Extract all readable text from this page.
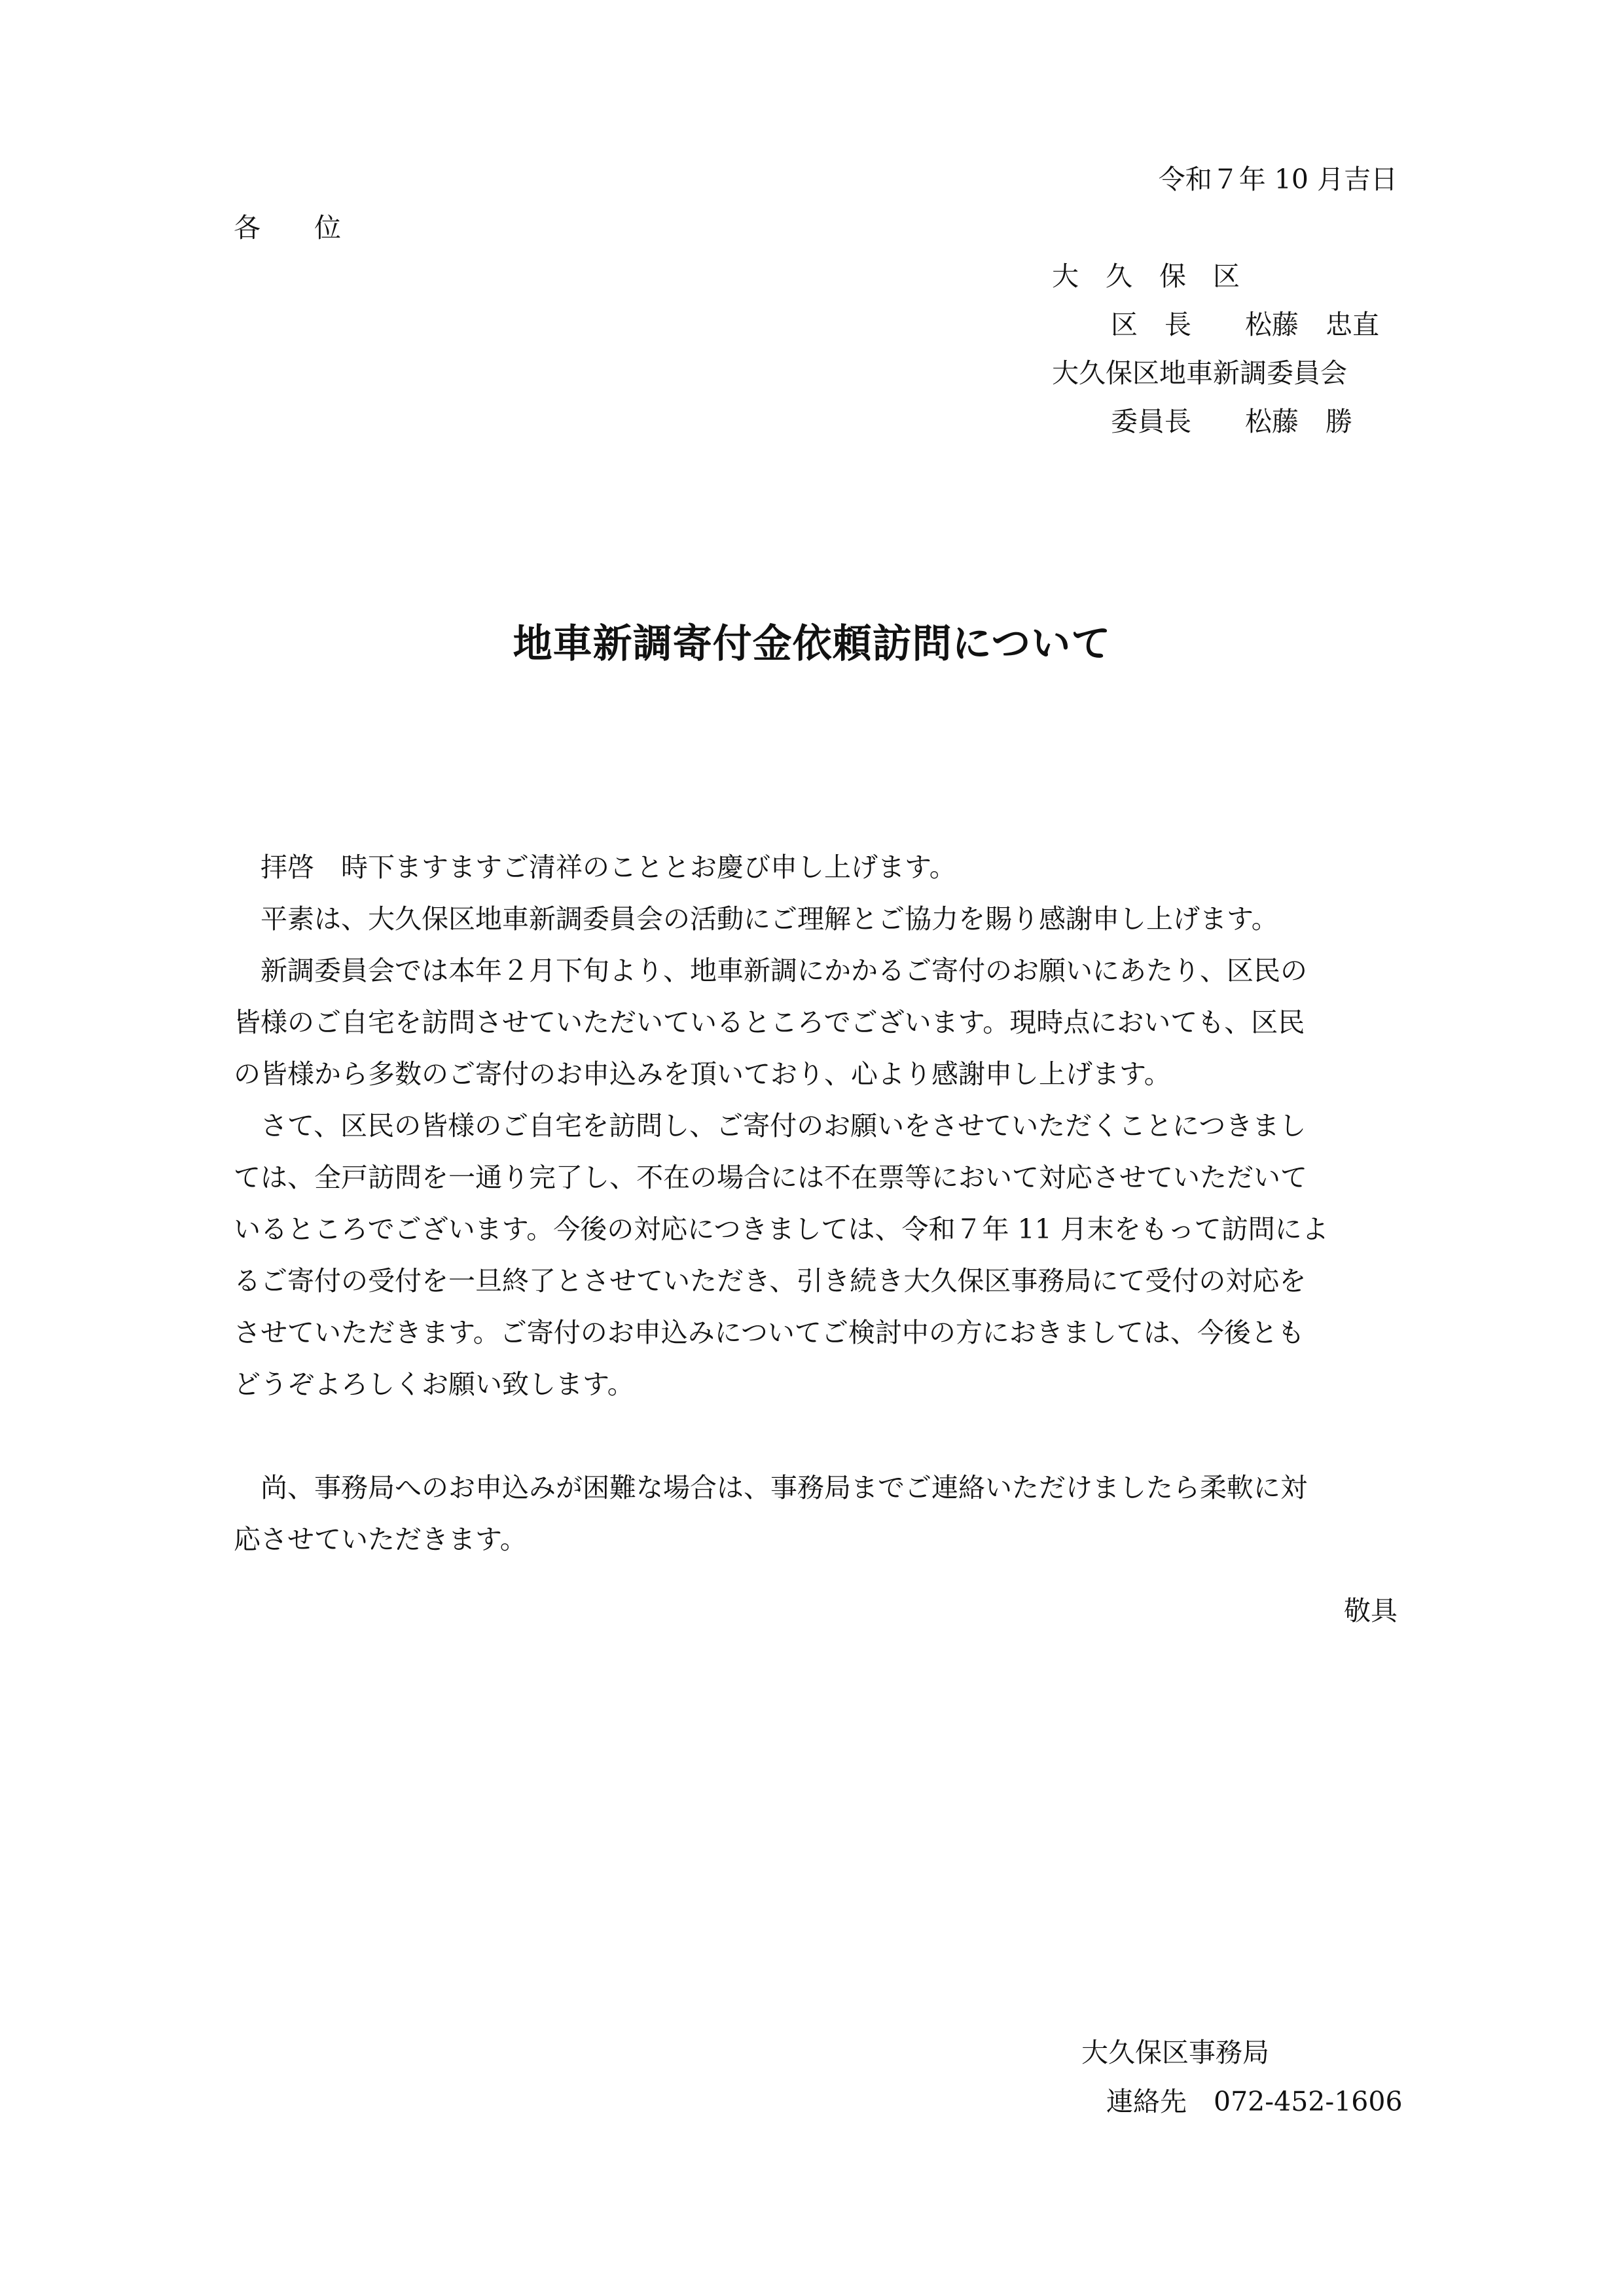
令和７年 10 月吉日
各　　位
大　久　保　区
区　長　　松藤　忠直
大久保区地車新調委員会
委員長　　松藤　勝
地車新調寄付金依頼訪問について
　拝啓　時下ますますご清祥のこととお慶び申し上げます。
　平素は、大久保区地車新調委員会の活動にご理解とご協力を賜り感謝申し上げます。
　新調委員会では本年２月下旬より、地車新調にかかるご寄付のお願いにあたり、区民の
皆様のご自宅を訪問させていただいているところでございます。現時点においても、区民
の皆様から多数のご寄付のお申込みを頂いており、心より感謝申し上げます。
　さて、区民の皆様のご自宅を訪問し、ご寄付のお願いをさせていただくことにつきまし
ては、全戸訪問を一通り完了し、不在の場合には不在票等において対応させていただいて
いるところでございます。今後の対応につきましては、令和７年 11 月末をもって訪問によ
るご寄付の受付を一旦終了とさせていただき、引き続き大久保区事務局にて受付の対応を
させていただきます。ご寄付のお申込みについてご検討中の方におきましては、今後とも
どうぞよろしくお願い致します。
　尚、事務局へのお申込みが困難な場合は、事務局までご連絡いただけましたら柔軟に対
応させていただきます。
敬具
大久保区事務局
連絡先　072-452-1606
